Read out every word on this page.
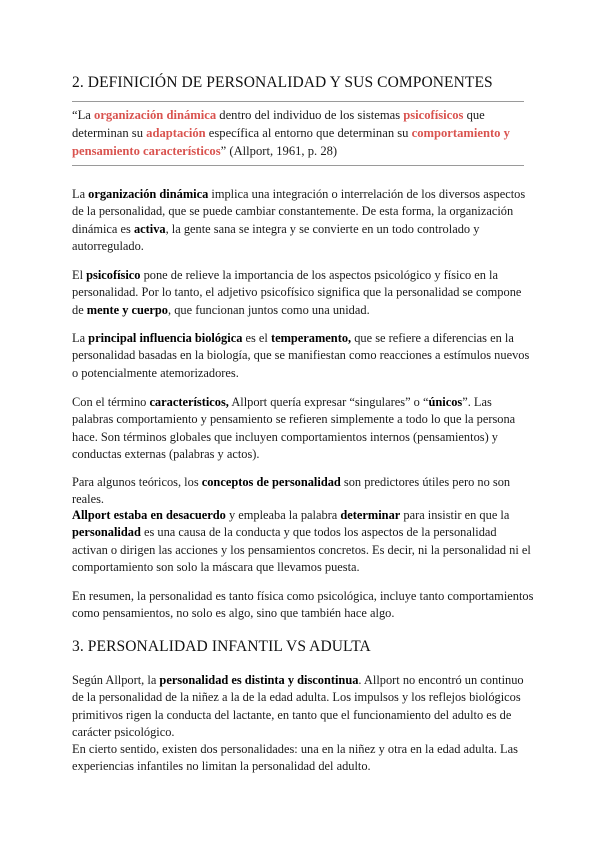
2. DEFINICIÓN DE PERSONALIDAD Y SUS COMPONENTES
“La organización dinámica dentro del individuo de los sistemas psicofísicos que determinan su adaptación específica al entorno que determinan su comportamiento y pensamiento característicos” (Allport, 1961, p. 28)
La organización dinámica implica una integración o interrelación de los diversos aspectos de la personalidad, que se puede cambiar constantemente. De esta forma, la organización dinámica es activa, la gente sana se integra y se convierte en un todo controlado y autorregulado.
El psicofísico pone de relieve la importancia de los aspectos psicológico y físico en la personalidad. Por lo tanto, el adjetivo psicofísico significa que la personalidad se compone de mente y cuerpo, que funcionan juntos como una unidad.
La principal influencia biológica es el temperamento, que se refiere a diferencias en la personalidad basadas en la biología, que se manifiestan como reacciones a estímulos nuevos o potencialmente atemorizadores.
Con el término característicos, Allport quería expresar “singulares” o “únicos”. Las palabras comportamiento y pensamiento se refieren simplemente a todo lo que la persona hace. Son términos globales que incluyen comportamientos internos (pensamientos) y conductas externas (palabras y actos).
Para algunos teóricos, los conceptos de personalidad son predictores útiles pero no son reales.
Allport estaba en desacuerdo y empleaba la palabra determinar para insistir en que la personalidad es una causa de la conducta y que todos los aspectos de la personalidad activan o dirigen las acciones y los pensamientos concretos. Es decir, ni la personalidad ni el comportamiento son solo la máscara que llevamos puesta.
En resumen, la personalidad es tanto física como psicológica, incluye tanto comportamientos como pensamientos, no solo es algo, sino que también hace algo.
3. PERSONALIDAD INFANTIL VS ADULTA
Según Allport, la personalidad es distinta y discontinua. Allport no encontró un continuo de la personalidad de la niñez a la de la edad adulta. Los impulsos y los reflejos biológicos primitivos rigen la conducta del lactante, en tanto que el funcionamiento del adulto es de carácter psicológico.
En cierto sentido, existen dos personalidades: una en la niñez y otra en la edad adulta. Las experiencias infantiles no limitan la personalidad del adulto.
